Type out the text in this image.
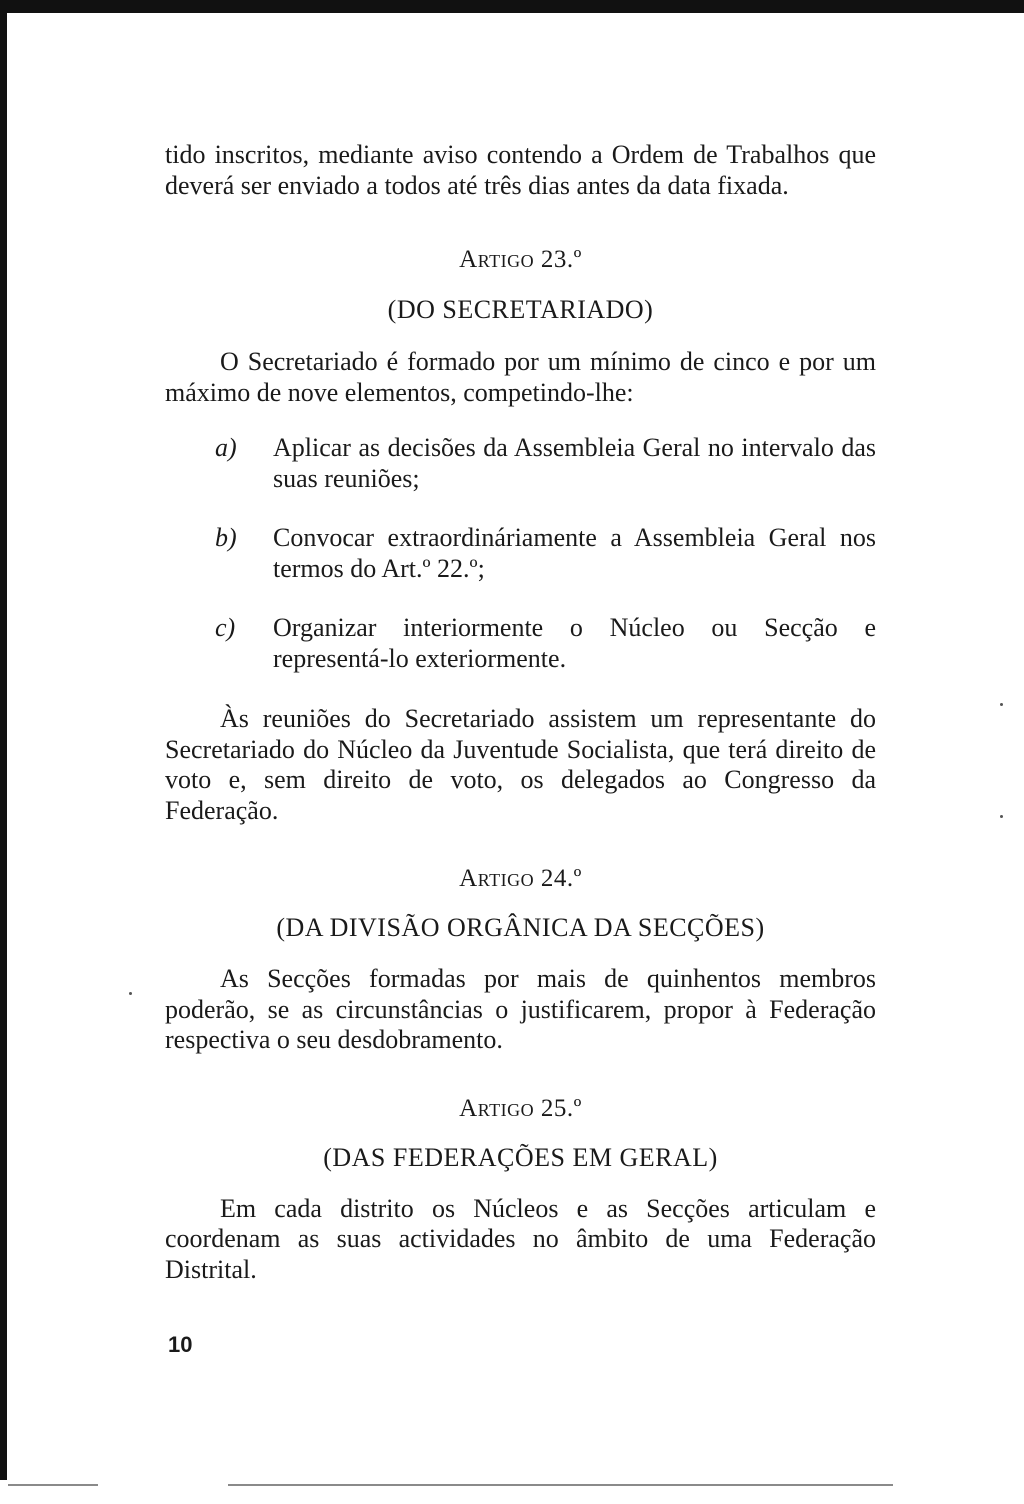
tido inscritos, mediante aviso contendo a Ordem de Trabalhos que deverá ser enviado a todos até três dias antes da data fixada.

Artigo 23.º
(DO SECRETARIADO)

O Secretariado é formado por um mínimo de cinco e por um máximo de nove elementos, competindo-lhe:

a)	Aplicar as decisões da Assembleia Geral no intervalo das suas reuniões;
b)	Convocar extraordináriamente a Assembleia Geral nos termos do Art.º 22.º;
c)	Organizar interiormente o Núcleo ou Secção e representá-lo exteriormente.

Às reuniões do Secretariado assistem um representante do Secretariado do Núcleo da Juventude Socialista, que terá direito de voto e, sem direito de voto, os delegados ao Congresso da Federação.

Artigo 24.º
(DA DIVISÃO ORGÂNICA DA SECÇÕES)

As Secções formadas por mais de quinhentos membros poderão, se as circunstâncias o justificarem, propor à Federação respectiva o seu desdobramento.

Artigo 25.º
(DAS FEDERAÇÕES EM GERAL)

Em cada distrito os Núcleos e as Secções articulam e coordenam as suas actividades no âmbito de uma Federação Distrital.

10
